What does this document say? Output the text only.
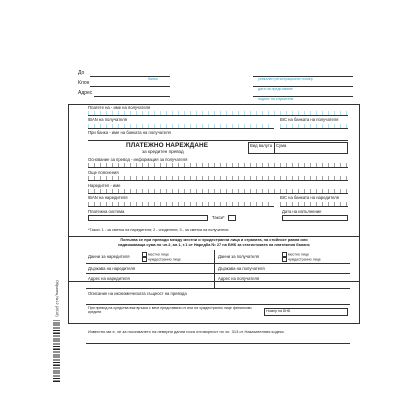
До
банка	уникален регистрационен номер
Клон
дата на представяне
Адрес
подпис на служителя
Платете на - име на получателя
IBAN на получателя	BIC на банката на получателя
При банка - име на банката на получателя
ПЛАТЕЖНО НАРЕЖДАНЕ
за кредитен превод
Вид валута Сума
Основание за превод - информация за получателя
Още пояснения
Наредител - име
IBAN на наредителя	BIC на банката на наредителя
Платежна система
Такси*
Дата на изпълнение
*Такси: 1 - за сметка на наредителя; 2 - споделени; 3 - за сметка на получателя
Попълва се при преводи между местни и чуждестранни лица и страната, на стойност равна или надвишаваща сума по чл.2, ал.1, т.1 от Наредба № 27 на БНБ за статистиката на платежния баланс
Данни за наредителя	местно лице
чуждестранно лице
Данни за получателя	местно лице
чуждестранно лице
Държава на наредителя	Държава на получателя
Адрес на наредителя	Адрес на получателя
Описание на икономическата същност на превода
При превод на средства във връзка с вече представяни от или на чуждестранно лице финансови кредити	Номер на БНБ
Известно ми е, че за посочването на неверни данни нося отговорност по чл. 313 от Наказателния кодекс.
Образец №12 (2018)
